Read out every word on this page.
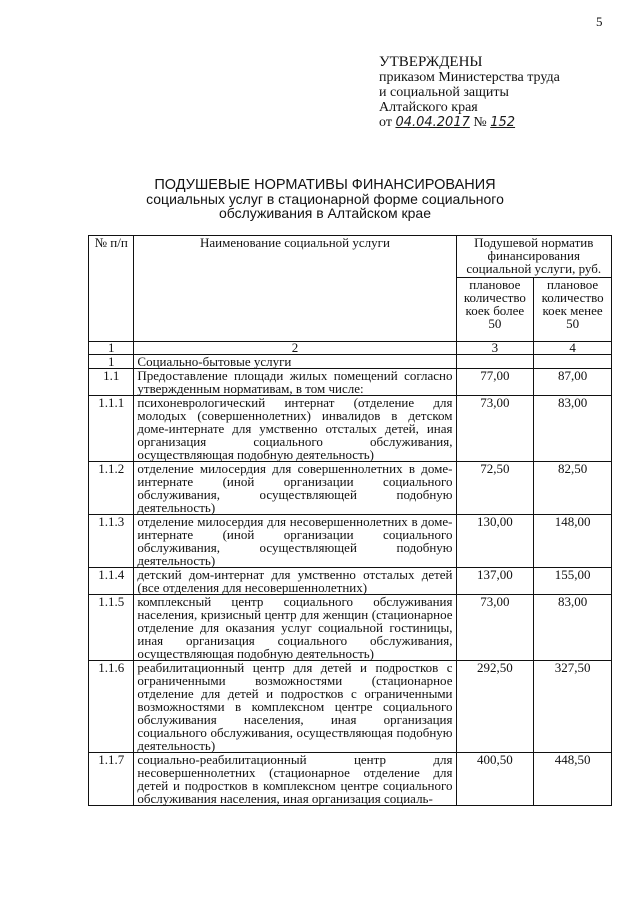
5
УТВЕРЖДЕНЫ
приказом Министерства труда
и социальной защиты
Алтайского края
от 04.04.2017 № 152
ПОДУШЕВЫЕ НОРМАТИВЫ ФИНАНСИРОВАНИЯ
социальных услуг в стационарной форме социального
обслуживания в Алтайском крае
№ п/п	Наименование социальной услуги	Подушевой норматив финансирования социальной услуги, руб.	
		плановое количество коек более 50	плановое количество коек менее 50
1	2	3	4
1	Социально-бытовые услуги		
1.1	Предоставление площади жилых помещений согласно утвержденным нормативам, в том числе:	77,00	87,00
1.1.1	психоневрологический интернат (отделение для молодых (совершеннолетних) инвалидов в детском доме-интернате для умственно отсталых детей, иная организация социального обслуживания, осуществляющая подобную деятельность)	73,00	83,00
1.1.2	отделение милосердия для совершеннолетних в доме-интернате (иной организации социального обслуживания, осуществляющей подобную деятельность)	72,50	82,50
1.1.3	отделение милосердия для несовершеннолетних в доме-интернате (иной организации социального обслуживания, осуществляющей подобную деятельность)	130,00	148,00
1.1.4	детский дом-интернат для умственно отсталых детей (все отделения для несовершеннолетних)	137,00	155,00
1.1.5	комплексный центр социального обслуживания населения, кризисный центр для женщин (стационарное отделение для оказания услуг социальной гостиницы, иная организация социального обслуживания, осуществляющая подобную деятельность)	73,00	83,00
1.1.6	реабилитационный центр для детей и подростков с ограниченными возможностями (стационарное отделение для детей и подростков с ограниченными возможностями в комплексном центре социального обслуживания населения, иная организация социального обслуживания, осуществляющая подобную деятельность)	292,50	327,50
1.1.7	социально-реабилитационный центр для несовершеннолетних (стационарное отделение для детей и подростков в комплексном центре социального обслуживания населения, иная организация социаль-	400,50	448,50
